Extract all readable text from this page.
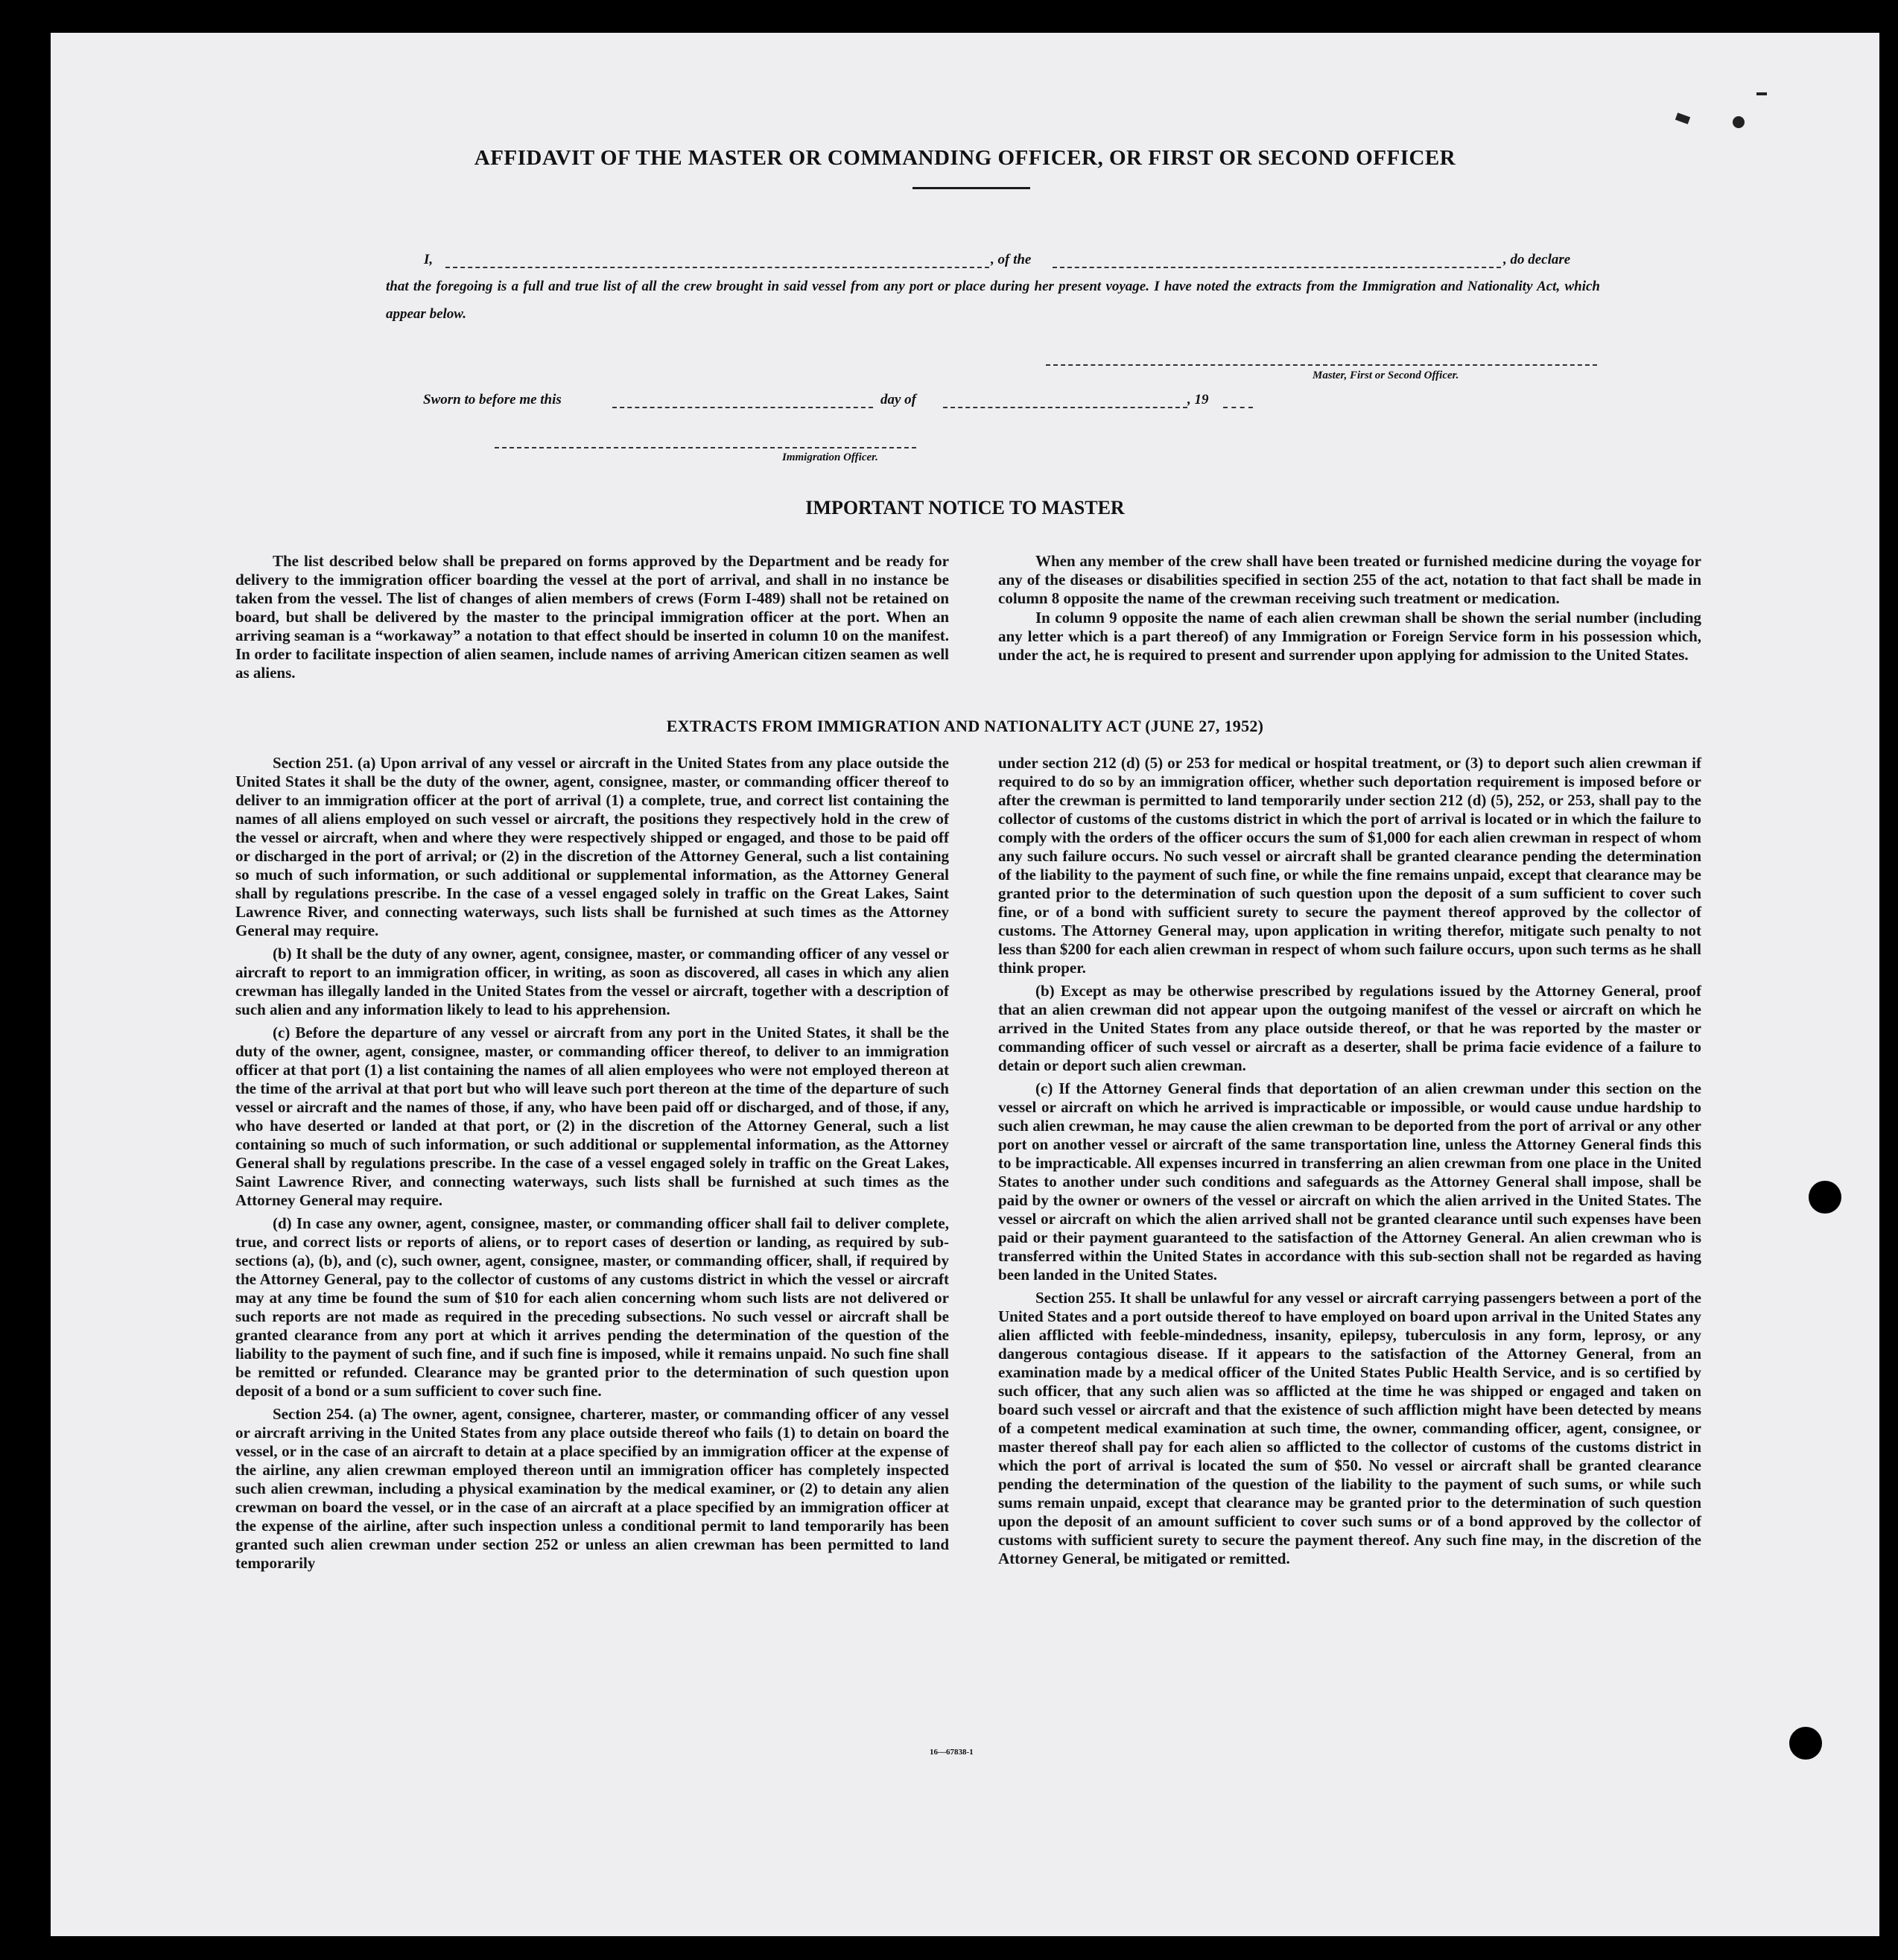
AFFIDAVIT OF THE MASTER OR COMMANDING OFFICER, OR FIRST OR SECOND OFFICER
I,	, of the	, do declare
that the foregoing is a full and true list of all the crew brought in said vessel from any port or place during her present voyage. I have noted the extracts from the Immigration and Nationality Act, which appear below.
Master, First or Second Officer.
Sworn to before me this	day of	, 19
Immigration Officer.
IMPORTANT NOTICE TO MASTER

The list described below shall be prepared on forms approved by the Department and be ready for delivery to the immigration officer boarding the vessel at the port of arrival, and shall in no instance be taken from the vessel. The list of changes of alien members of crews (Form I-489) shall not be retained on board, but shall be delivered by the master to the principal immigration officer at the port. When an arriving seaman is a “workaway” a notation to that effect should be inserted in column 10 on the manifest. In order to facilitate inspection of alien seamen, include names of arriving American citizen seamen as well as aliens.

When any member of the crew shall have been treated or furnished medicine during the voyage for any of the diseases or disabilities specified in section 255 of the act, notation to that fact shall be made in column 8 opposite the name of the crewman receiving such treatment or medication.

In column 9 opposite the name of each alien crewman shall be shown the serial number (including any letter which is a part thereof) of any Immigration or Foreign Service form in his possession which, under the act, he is required to present and surrender upon applying for admission to the United States.

EXTRACTS FROM IMMIGRATION AND NATIONALITY ACT (JUNE 27, 1952)

Section 251. (a) Upon arrival of any vessel or aircraft in the United States from any place outside the United States it shall be the duty of the owner, agent, consignee, master, or commanding officer thereof to deliver to an immigration officer at the port of arrival (1) a complete, true, and correct list containing the names of all aliens employed on such vessel or aircraft, the positions they respectively hold in the crew of the vessel or aircraft, when and where they were respectively shipped or engaged, and those to be paid off or discharged in the port of arrival; or (2) in the discretion of the Attorney General, such a list containing so much of such information, or such additional or supplemental information, as the Attorney General shall by regulations prescribe. In the case of a vessel engaged solely in traffic on the Great Lakes, Saint Lawrence River, and connecting waterways, such lists shall be furnished at such times as the Attorney General may require.

(b) It shall be the duty of any owner, agent, consignee, master, or commanding officer of any vessel or aircraft to report to an immigration officer, in writing, as soon as discovered, all cases in which any alien crewman has illegally landed in the United States from the vessel or aircraft, together with a description of such alien and any information likely to lead to his apprehension.

(c) Before the departure of any vessel or aircraft from any port in the United States, it shall be the duty of the owner, agent, consignee, master, or commanding officer thereof, to deliver to an immigration officer at that port (1) a list containing the names of all alien employees who were not employed thereon at the time of the arrival at that port but who will leave such port thereon at the time of the departure of such vessel or aircraft and the names of those, if any, who have been paid off or discharged, and of those, if any, who have deserted or landed at that port, or (2) in the discretion of the Attorney General, such a list containing so much of such information, or such additional or supplemental information, as the Attorney General shall by regulations prescribe. In the case of a vessel engaged solely in traffic on the Great Lakes, Saint Lawrence River, and connecting waterways, such lists shall be furnished at such times as the Attorney General may require.

(d) In case any owner, agent, consignee, master, or commanding officer shall fail to deliver complete, true, and correct lists or reports of aliens, or to report cases of desertion or landing, as required by sub-sections (a), (b), and (c), such owner, agent, consignee, master, or commanding officer, shall, if required by the Attorney General, pay to the collector of customs of any customs district in which the vessel or aircraft may at any time be found the sum of $10 for each alien concerning whom such lists are not delivered or such reports are not made as required in the preceding subsections. No such vessel or aircraft shall be granted clearance from any port at which it arrives pending the determination of the question of the liability to the payment of such fine, and if such fine is imposed, while it remains unpaid. No such fine shall be remitted or refunded. Clearance may be granted prior to the determination of such question upon deposit of a bond or a sum sufficient to cover such fine.

Section 254. (a) The owner, agent, consignee, charterer, master, or commanding officer of any vessel or aircraft arriving in the United States from any place outside thereof who fails (1) to detain on board the vessel, or in the case of an aircraft to detain at a place specified by an immigration officer at the expense of the airline, any alien crewman employed thereon until an immigration officer has completely inspected such alien crewman, including a physical examination by the medical examiner, or (2) to detain any alien crewman on board the vessel, or in the case of an aircraft at a place specified by an immigration officer at the expense of the airline, after such inspection unless a conditional permit to land temporarily has been granted such alien crewman under section 252 or unless an alien crewman has been permitted to land temporarily

under section 212 (d) (5) or 253 for medical or hospital treatment, or (3) to deport such alien crewman if required to do so by an immigration officer, whether such deportation requirement is imposed before or after the crewman is permitted to land temporarily under section 212 (d) (5), 252, or 253, shall pay to the collector of customs of the customs district in which the port of arrival is located or in which the failure to comply with the orders of the officer occurs the sum of $1,000 for each alien crewman in respect of whom any such failure occurs. No such vessel or aircraft shall be granted clearance pending the determination of the liability to the payment of such fine, or while the fine remains unpaid, except that clearance may be granted prior to the determination of such question upon the deposit of a sum sufficient to cover such fine, or of a bond with sufficient surety to secure the payment thereof approved by the collector of customs. The Attorney General may, upon application in writing therefor, mitigate such penalty to not less than $200 for each alien crewman in respect of whom such failure occurs, upon such terms as he shall think proper.

(b) Except as may be otherwise prescribed by regulations issued by the Attorney General, proof that an alien crewman did not appear upon the outgoing manifest of the vessel or aircraft on which he arrived in the United States from any place outside thereof, or that he was reported by the master or commanding officer of such vessel or aircraft as a deserter, shall be prima facie evidence of a failure to detain or deport such alien crewman.

(c) If the Attorney General finds that deportation of an alien crewman under this section on the vessel or aircraft on which he arrived is impracticable or impossible, or would cause undue hardship to such alien crewman, he may cause the alien crewman to be deported from the port of arrival or any other port on another vessel or aircraft of the same transportation line, unless the Attorney General finds this to be impracticable. All expenses incurred in transferring an alien crewman from one place in the United States to another under such conditions and safeguards as the Attorney General shall impose, shall be paid by the owner or owners of the vessel or aircraft on which the alien arrived in the United States. The vessel or aircraft on which the alien arrived shall not be granted clearance until such expenses have been paid or their payment guaranteed to the satisfaction of the Attorney General. An alien crewman who is transferred within the United States in accordance with this sub-section shall not be regarded as having been landed in the United States.

Section 255. It shall be unlawful for any vessel or aircraft carrying passengers between a port of the United States and a port outside thereof to have employed on board upon arrival in the United States any alien afflicted with feeble-mindedness, insanity, epilepsy, tuberculosis in any form, leprosy, or any dangerous contagious disease. If it appears to the satisfaction of the Attorney General, from an examination made by a medical officer of the United States Public Health Service, and is so certified by such officer, that any such alien was so afflicted at the time he was shipped or engaged and taken on board such vessel or aircraft and that the existence of such affliction might have been detected by means of a competent medical examination at such time, the owner, commanding officer, agent, consignee, or master thereof shall pay for each alien so afflicted to the collector of customs of the customs district in which the port of arrival is located the sum of $50. No vessel or aircraft shall be granted clearance pending the determination of the question of the liability to the payment of such sums, or while such sums remain unpaid, except that clearance may be granted prior to the determination of such question upon the deposit of an amount sufficient to cover such sums or of a bond approved by the collector of customs with sufficient surety to secure the payment thereof. Any such fine may, in the discretion of the Attorney General, be mitigated or remitted.

16—67838-1
